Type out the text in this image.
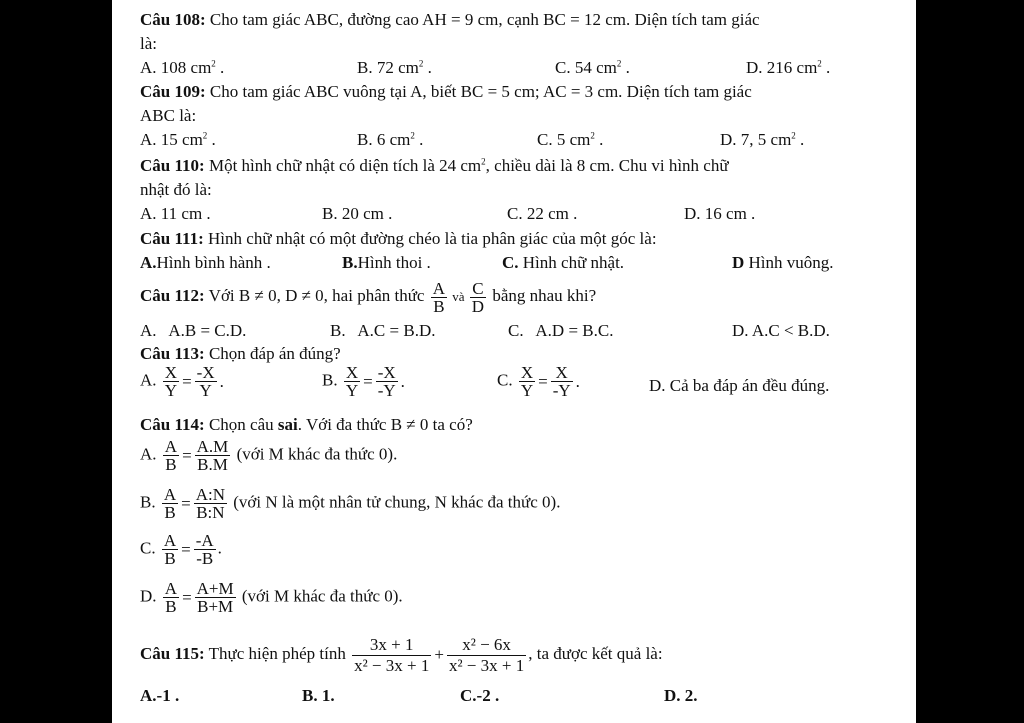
Câu 108: Cho tam giác ABC, đường cao AH = 9 cm, cạnh BC = 12 cm. Diện tích tam giác
là:
A. 108 $cm^2$ .	B. 72 $cm^2$ .	C. 54 $cm^2$ .	D. 216 $cm^2$ .
Câu 109: Cho tam giác ABC vuông tại A, biết BC = 5 cm; AC = 3 cm. Diện tích tam giác
ABC là:
A. 15 $cm^2$ .	B. 6 $cm^2$ .	C. 5 $cm^2$ .	D. 7, 5 $cm^2$ .
Câu 110: Một hình chữ nhật có diện tích là 24 $cm^2$, chiều dài là 8 cm. Chu vi hình chữ
nhật đó là:
A. 11 cm .	B. 20 cm .	C. 22 cm .	D. 16 cm .
Câu 111: Hình chữ nhật có một đường chéo là tia phân giác của một góc là:
A.Hình bình hành .	B.Hình thoi .	C. Hình chữ nhật.	D Hình vuông.
Câu 112: Với B ≠ 0, D ≠ 0, hai phân thức $\frac{A}{B}$ và $\frac{C}{D}$ bằng nhau khi?
A.   A.B = C.D.	B.   A.C = B.D.	C.   A.D = B.C.	D. A.C < B.D.
Câu 113: Chọn đáp án đúng?
A. $\frac{X}{Y} = \frac{-X}{Y}$ .	B. $\frac{X}{Y} = \frac{-X}{-Y}$ .	C. $\frac{X}{Y} = \frac{X}{-Y}$ .	D. Cả ba đáp án đều đúng.
Câu 114: Chọn câu sai. Với đa thức B ≠ 0 ta có?
A. $\frac{A}{B} = \frac{A.M}{B.M}$ (với M khác đa thức 0).
B. $\frac{A}{B} = \frac{A:N}{B:N}$ (với N là một nhân tử chung, N khác đa thức 0).
C. $\frac{A}{B} = \frac{-A}{-B}$ .
D. $\frac{A}{B} = \frac{A+M}{B+M}$ (với M khác đa thức 0).
Câu 115: Thực hiện phép tính $\frac{3x + 1}{\text{x² − 3x + 1}} + \frac{\text{x² − 6x}}{\text{x² − 3x + 1}}$ , ta được kết quả là:
A.-1 .	B. 1.	C.-2 .	D. 2.
